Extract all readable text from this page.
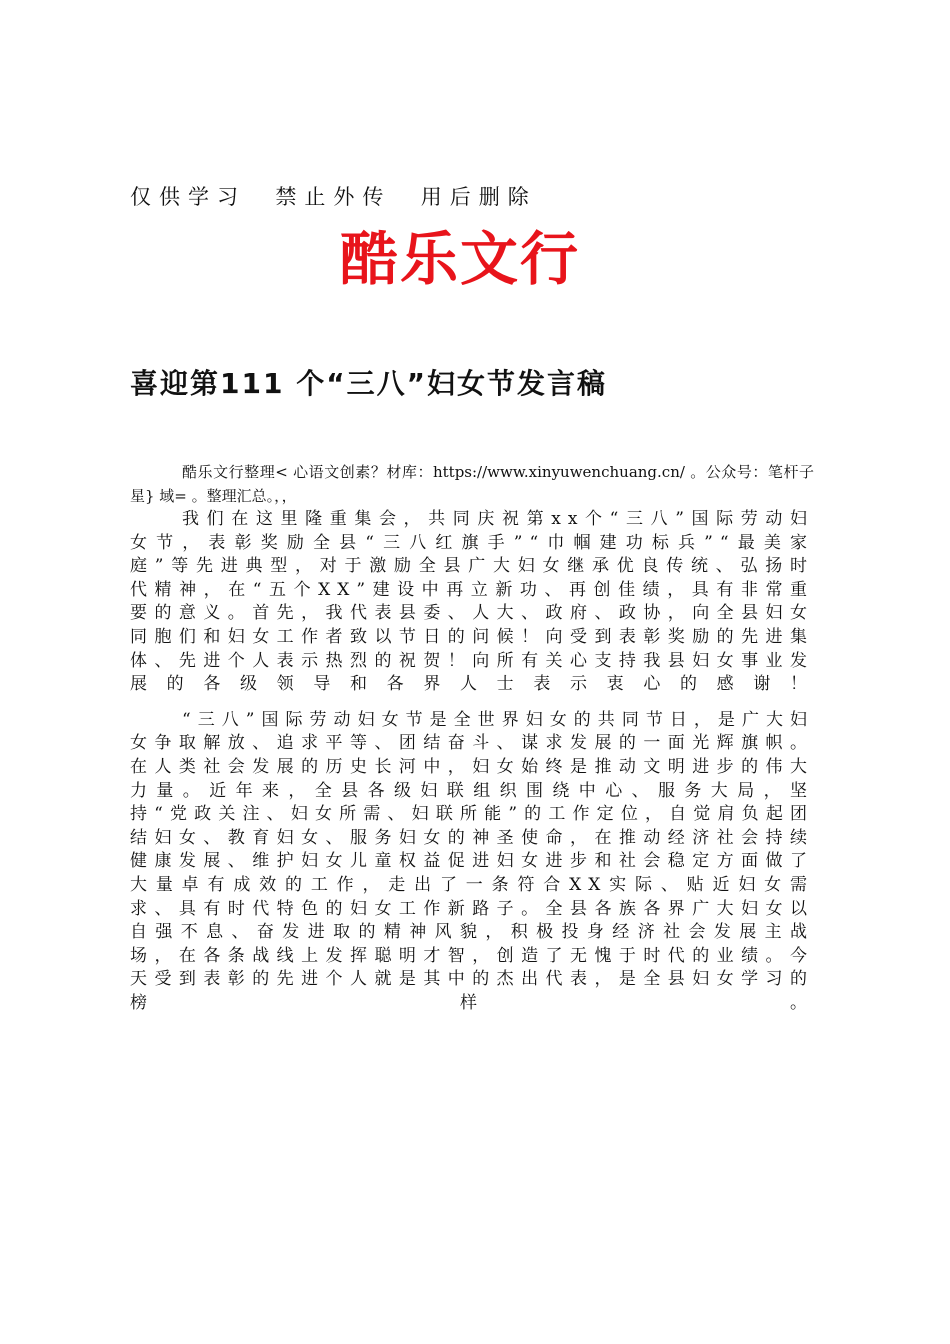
仅供学习  禁止外传  用后删除
酷乐文行
喜迎第111 个“三八”妇女节发言稿

酷乐文行整理< 心语文创素？材库：https://www.xinyuwenchuang.cn/ 。公众号：笔杆子星} 域= 。整理汇总。，，

我们在这里隆重集会，共同庆祝第xx个“三八”国际劳动妇女节，表彰奖励全县“三八红旗手”“巾帼建功标兵”“最美家庭”等先进典型，对于激励全县广大妇女继承优良传统、弘扬时代精神，在“五个XX”建设中再立新功、再创佳绩，具有非常重要的意义。首先，我代表县委、人大、政府、政协，向全县妇女同胞们和妇女工作者致以节日的问候！向受到表彰奖励的先进集体、先进个人表示热烈的祝贺！向所有关心支持我县妇女事业发展的各级领导和各界人士表示衷心的感谢！

“三八”国际劳动妇女节是全世界妇女的共同节日，是广大妇女争取解放、追求平等、团结奋斗、谋求发展的一面光辉旗帜。在人类社会发展的历史长河中，妇女始终是推动文明进步的伟大力量。近年来，全县各级妇联组织围绕中心、服务大局，坚持“党政关注、妇女所需、妇联所能”的工作定位，自觉肩负起团结妇女、教育妇女、服务妇女的神圣使命，在推动经济社会持续健康发展、维护妇女儿童权益促进妇女进步和社会稳定方面做了大量卓有成效的工作，走出了一条符合XX实际、贴近妇女需求、具有时代特色的妇女工作新路子。全县各族各界广大妇女以自强不息、奋发进取的精神风貌，积极投身经济社会发展主战场，在各条战线上发挥聪明才智，创造了无愧于时代的业绩。今天受到表彰的先进个人就是其中的杰出代表，是全县妇女学习的榜样。
